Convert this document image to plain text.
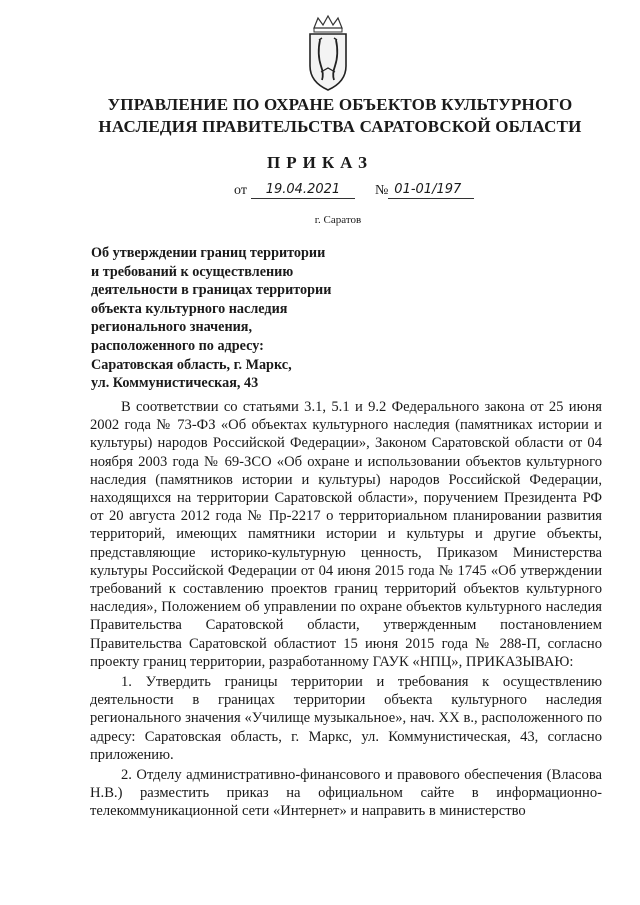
УПРАВЛЕНИЕ ПО ОХРАНЕ ОБЪЕКТОВ КУЛЬТУРНОГО
НАСЛЕДИЯ ПРАВИТЕЛЬСТВА САРАТОВСКОЙ ОБЛАСТИ
ПРИКАЗ
от	19.04.2021	№ 01-01/197
г. Саратов
Об утверждении границ территории
и требований к осуществлению
деятельности в границах территории
объекта культурного наследия
регионального значения,
расположенного по адресу:
Саратовская область, г. Маркс,
ул. Коммунистическая, 43

В соответствии со статьями 3.1, 5.1 и 9.2 Федерального закона от 25 июня 2002 года № 73-ФЗ «Об объектах культурного наследия (памятниках истории и культуры) народов Российской Федерации», Законом Саратовской области от 04 ноября 2003 года № 69-ЗСО «Об охране и использовании объектов культурного наследия (памятников истории и культуры) народов Российской Федерации, находящихся на территории Саратовской области», поручением Президента РФ от 20 августа 2012 года № Пр-2217 о территориальном планировании развития территорий, имеющих памятники истории и культуры и другие объекты, представляющие историко-культурную ценность, Приказом Министерства культуры Российской Федерации от 04 июня 2015 года № 1745 «Об утверждении требований к составлению проектов границ территорий объектов культурного наследия», Положением об управлении по охране объектов культурного наследия Правительства Саратовской области, утвержденным постановлением Правительства Саратовской областиот 15 июня 2015 года № 288-П, согласно проекту границ территории, разработанному ГАУК «НПЦ», ПРИКАЗЫВАЮ:

1. Утвердить границы территории и требования к осуществлению деятельности в границах территории объекта культурного наследия регионального значения «Училище музыкальное», нач. XX в., расположенного по адресу: Саратовская область, г. Маркс, ул. Коммунистическая, 43, согласно приложению.

2. Отделу административно-финансового и правового обеспечения (Власова Н.В.) разместить приказ на официальном сайте в информационно-телекоммуникационной сети «Интернет» и направить в министерство
